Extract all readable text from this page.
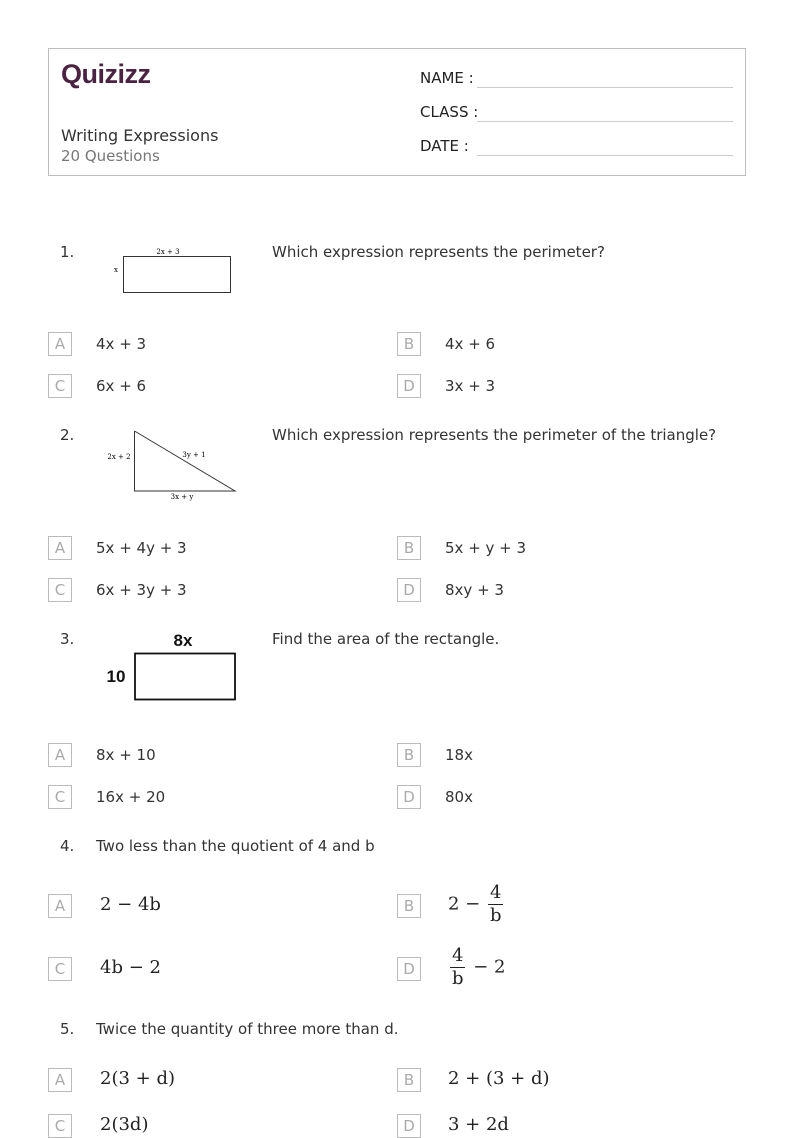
Quizizz
Writing Expressions
20 Questions
NAME :
CLASS :
DATE :
1.	2x + 3
x
Which expression represents the perimeter?
A	4x + 3	B	4x + 6
C	6x + 6	D	3x + 3
2.
2x + 2	3y + 1
3x + y
Which expression represents the perimeter of the triangle?
A	5x + 4y + 3	B	5x + y + 3
C	6x + 3y + 3	D	8xy + 3
3.	8x
10
Find the area of the rectangle.
A	8x + 10	B	18x
C	16x + 20	D	80x
4. Two less than the quotient of 4 and b
A	2 − 4b	B	$2 - \frac{4}{b}$
C	4b − 2	D	$\frac{4}{b} - 2$
5. Twice the quantity of three more than d.
A	2(3 + d)	B	2 + (3 + d)
C	2(3d)	D	3 + 2d
